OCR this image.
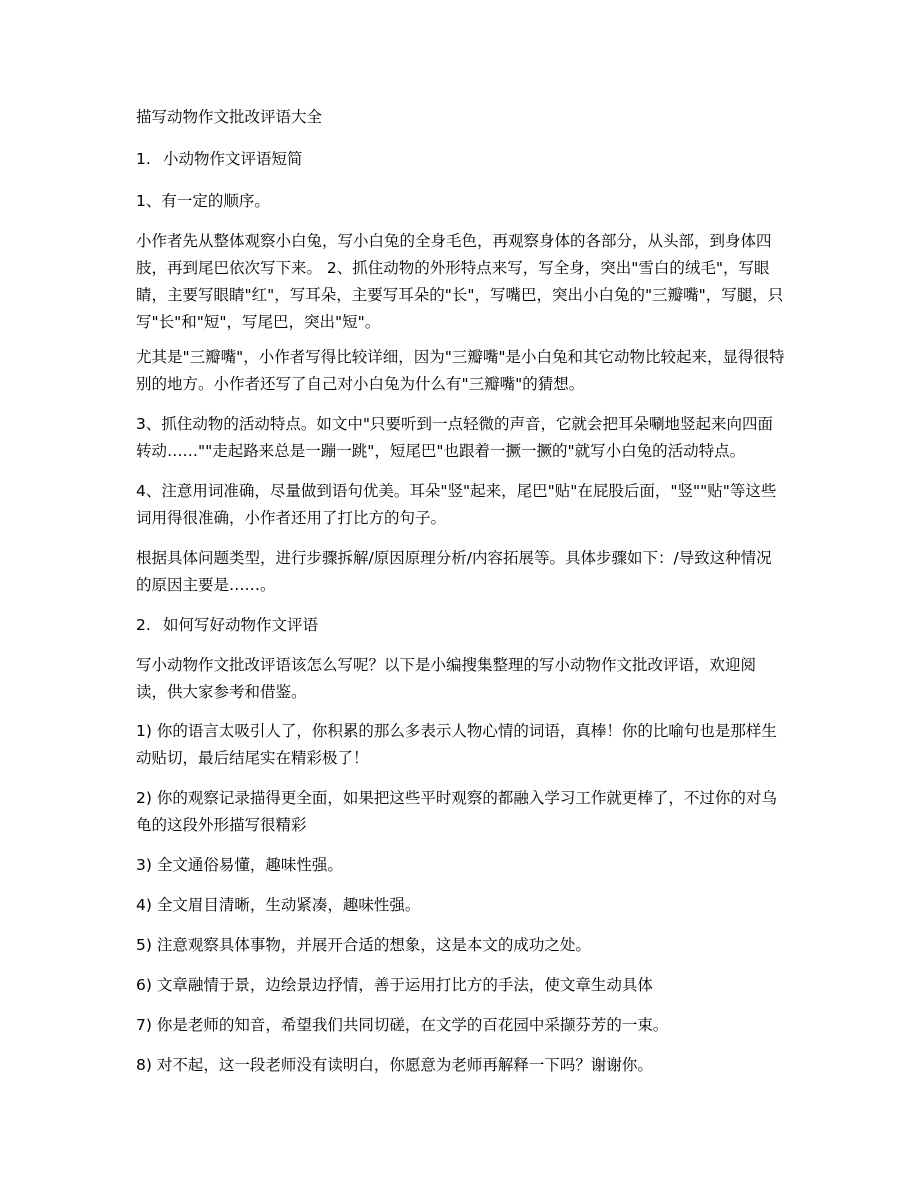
描写动物作文批改评语大全

1. 小动物作文评语短简

1、有一定的顺序。

小作者先从整体观察小白兔，写小白兔的全身毛色，再观察身体的各部分，从头部，到身体四肢，再到尾巴依次写下来。 2、抓住动物的外形特点来写，写全身，突出"雪白的绒毛"，写眼睛，主要写眼睛"红"，写耳朵，主要写耳朵的"长"，写嘴巴，突出小白兔的"三瓣嘴"，写腿，只写"长"和"短"，写尾巴，突出"短"。

尤其是"三瓣嘴"，小作者写得比较详细，因为"三瓣嘴"是小白兔和其它动物比较起来，显得很特别的地方。小作者还写了自己对小白兔为什么有"三瓣嘴"的猜想。

3、抓住动物的活动特点。如文中"只要听到一点轻微的声音，它就会把耳朵唰地竖起来向四面转动……""走起路来总是一蹦一跳"，短尾巴"也跟着一撅一撅的"就写小白兔的活动特点。

4、注意用词准确，尽量做到语句优美。耳朵"竖"起来，尾巴"贴"在屁股后面，"竖""贴"等这些词用得很准确，小作者还用了打比方的句子。

根据具体问题类型，进行步骤拆解/原因原理分析/内容拓展等。具体步骤如下：/导致这种情况的原因主要是……。

2. 如何写好动物作文评语

写小动物作文批改评语该怎么写呢？以下是小编搜集整理的写小动物作文批改评语，欢迎阅读，供大家参考和借鉴。

1) 你的语言太吸引人了，你积累的那么多表示人物心情的词语，真棒！你的比喻句也是那样生动贴切，最后结尾实在精彩极了！

2) 你的观察记录描得更全面，如果把这些平时观察的都融入学习工作就更棒了，不过你的对乌龟的这段外形描写很精彩

3) 全文通俗易懂，趣味性强。

4) 全文眉目清晰，生动紧凑，趣味性强。

5) 注意观察具体事物，并展开合适的想象，这是本文的成功之处。

6) 文章融情于景，边绘景边抒情，善于运用打比方的手法，使文章生动具体

7) 你是老师的知音，希望我们共同切磋，在文学的百花园中采撷芬芳的一束。

8) 对不起，这一段老师没有读明白，你愿意为老师再解释一下吗？谢谢你。
